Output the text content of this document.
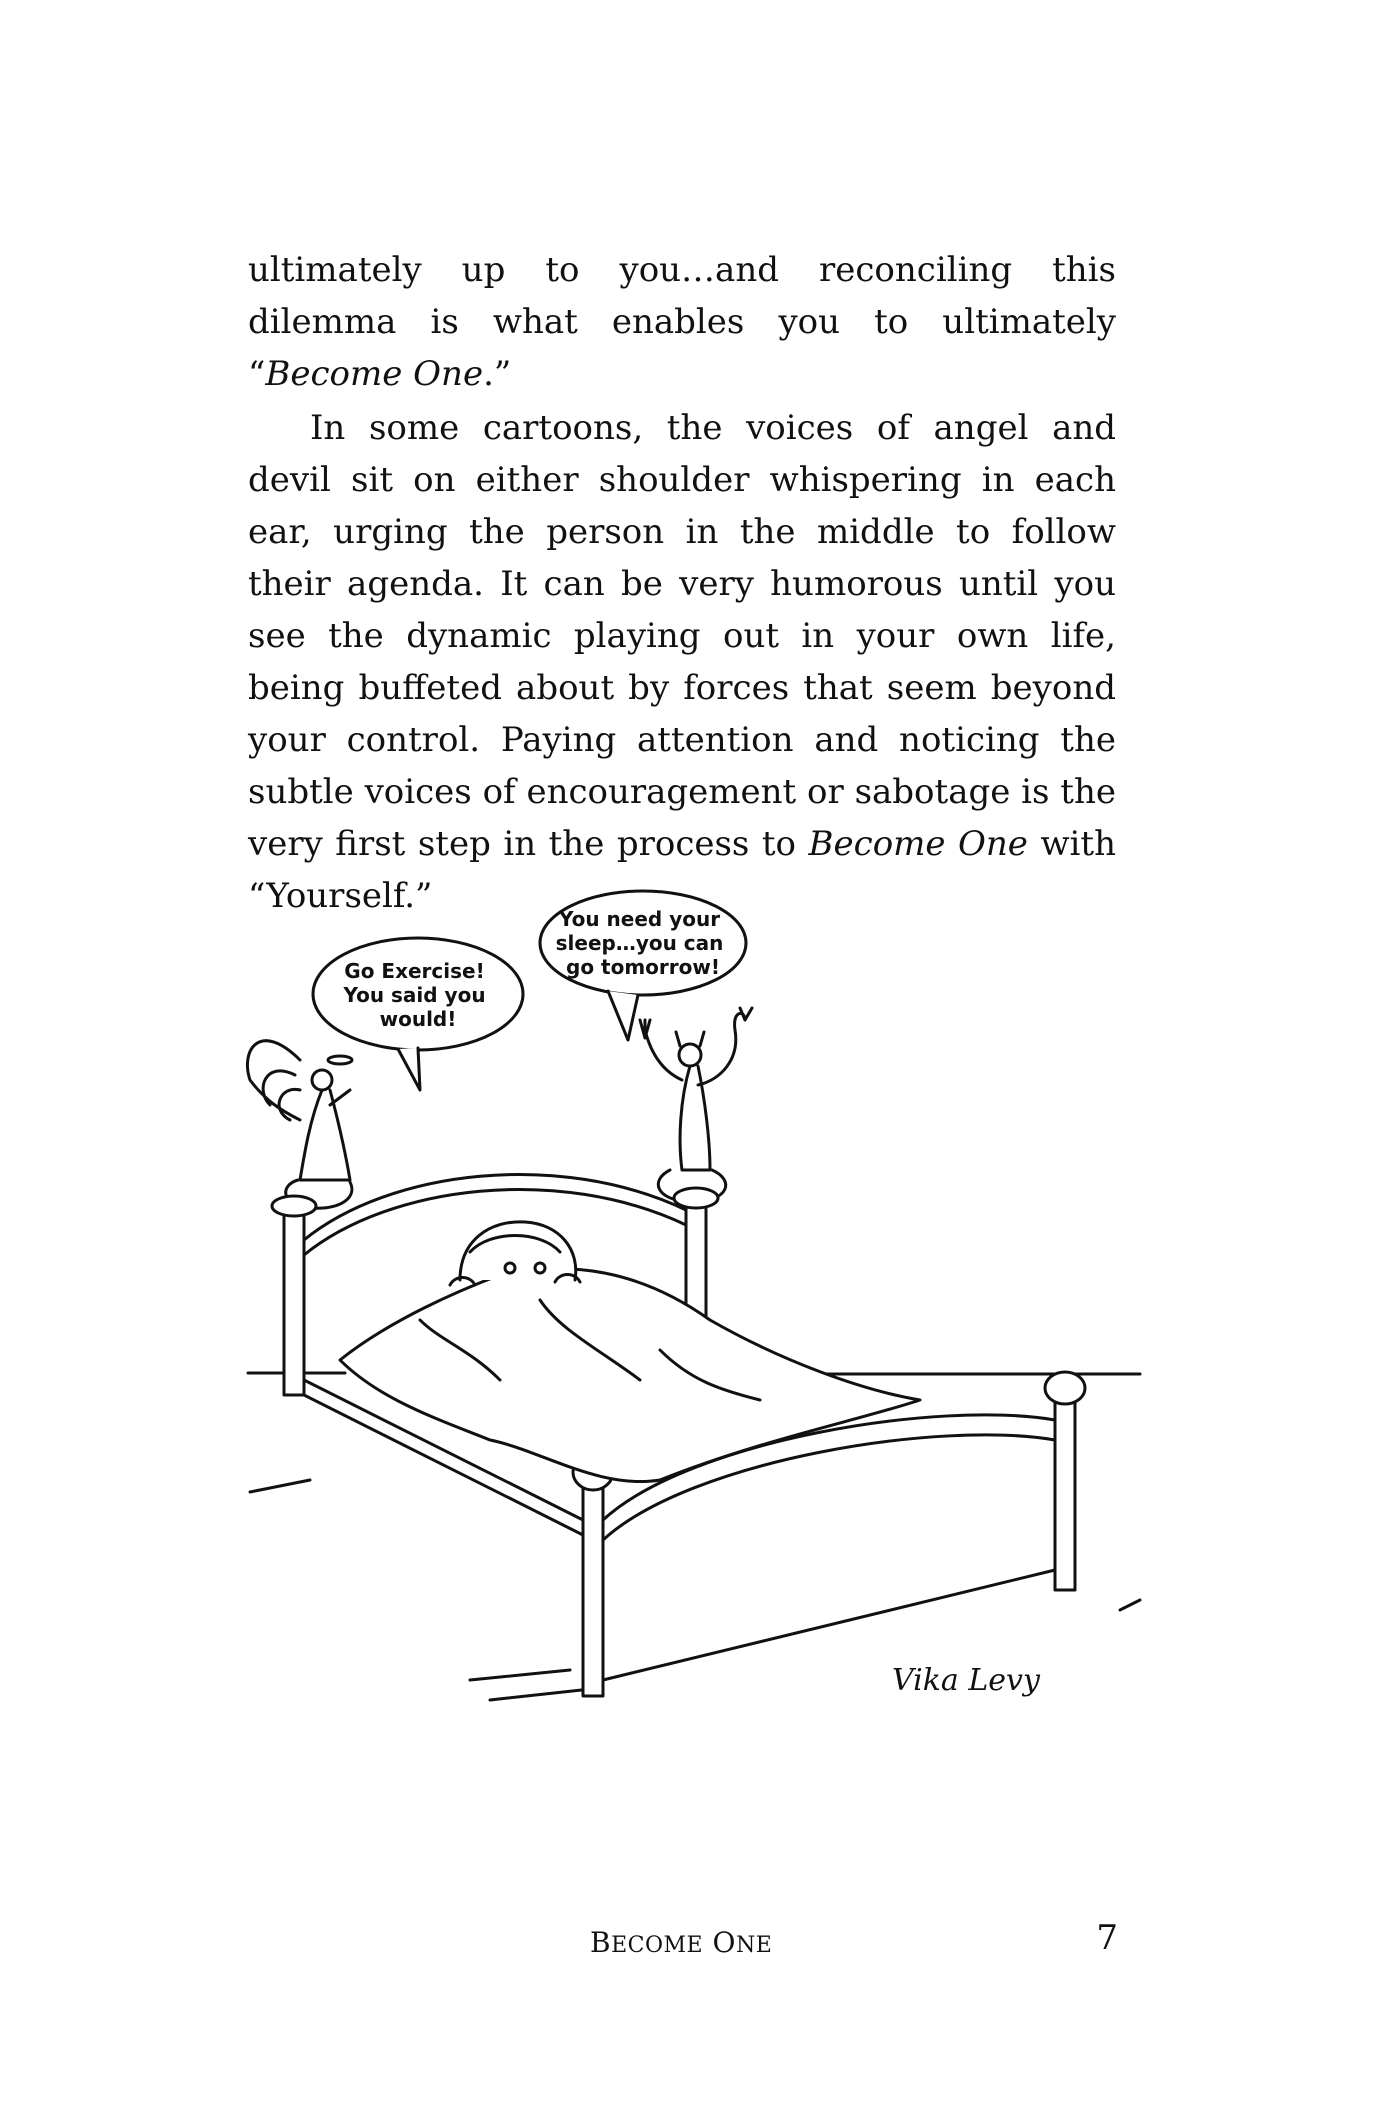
ultimately up to you…and reconciling this dilemma is what enables you to ultimately “Become One.”

In some cartoons, the voices of angel and devil sit on either shoulder whispering in each ear, urging the person in the middle to follow their agenda. It can be very humorous until you see the dynamic playing out in your own life, being buffeted about by forces that seem beyond your control. Paying attention and noticing the subtle voices of encouragement or sabotage is the very first step in the process to Become One with “Yourself.”

Go Exercise! You said you would!
You need your sleep…you can go tomorrow!
Vika Levy
BECOME ONE	7
